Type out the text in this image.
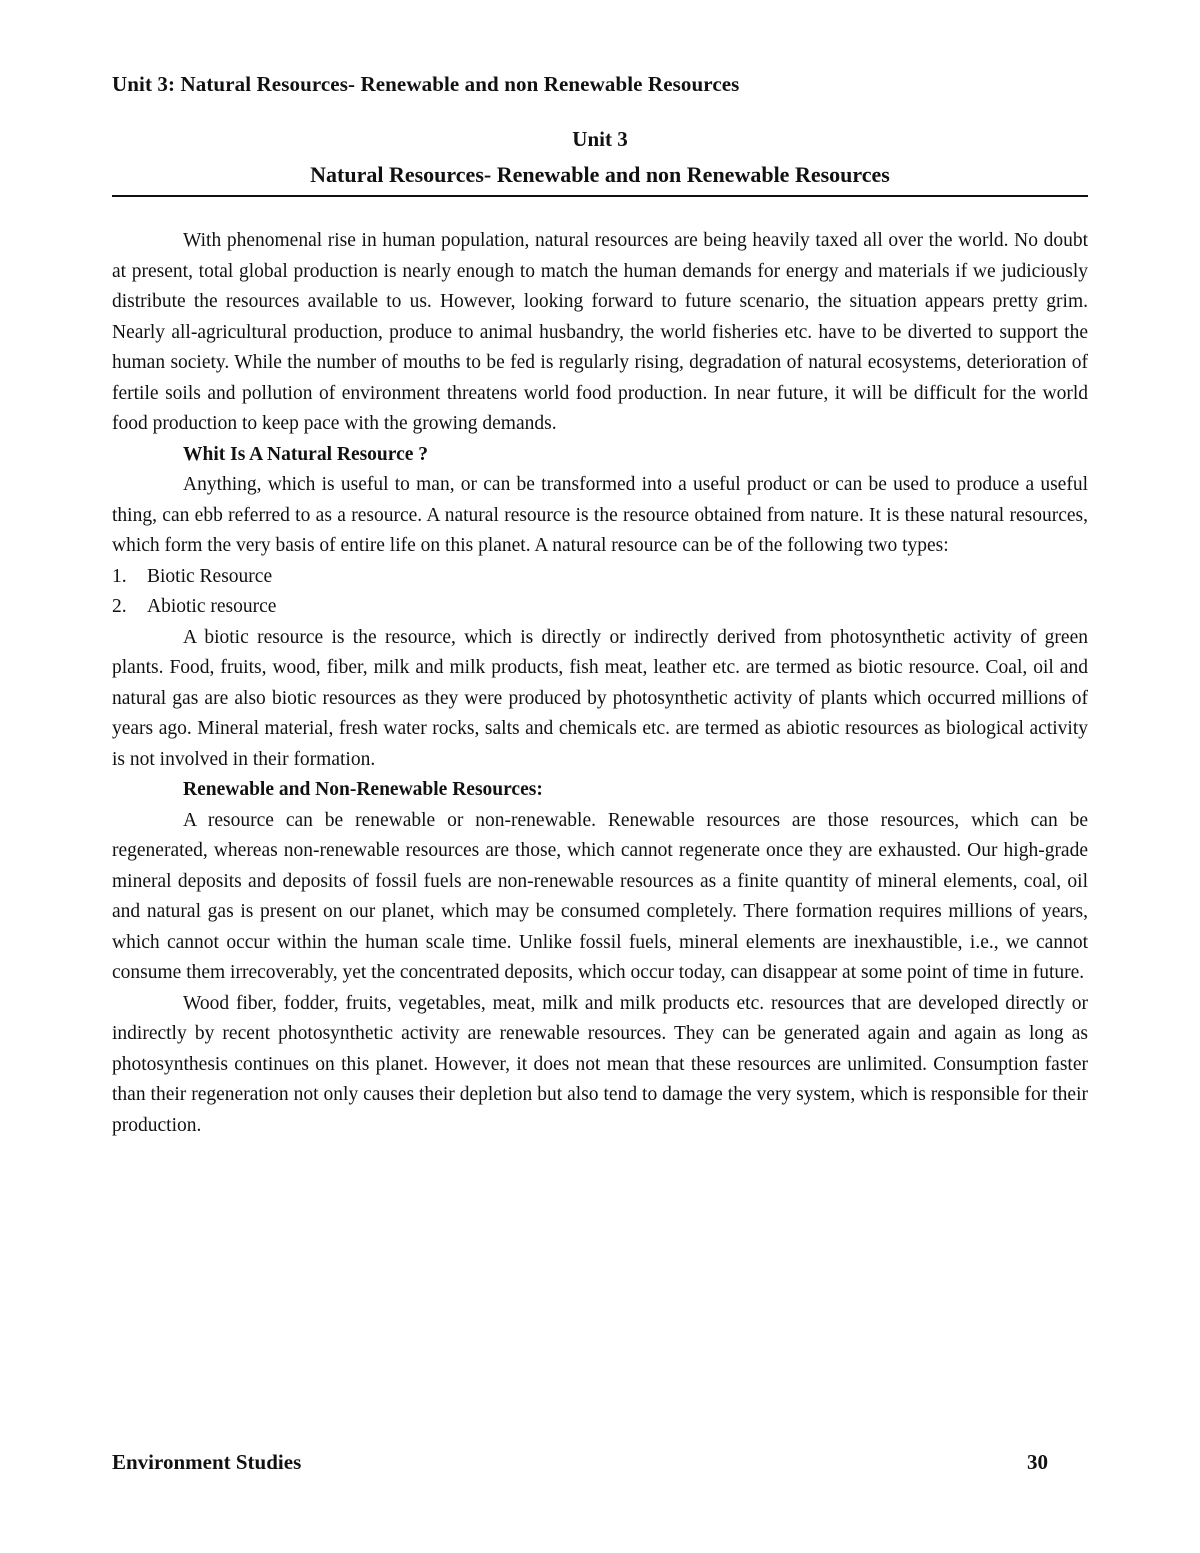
Unit 3: Natural Resources- Renewable and non Renewable Resources
Unit 3
Natural Resources- Renewable and non Renewable Resources

With phenomenal rise in human population, natural resources are being heavily taxed all over the world. No doubt at present, total global production is nearly enough to match the human demands for energy and materials if we judiciously distribute the resources available to us. However, looking forward to future scenario, the situation appears pretty grim. Nearly all-agricultural production, produce to animal husbandry, the world fisheries etc. have to be diverted to support the human society. While the number of mouths to be fed is regularly rising, degradation of natural ecosystems, deterioration of fertile soils and pollution of environment threatens world food production. In near future, it will be difficult for the world food production to keep pace with the growing demands.

Whit Is A Natural Resource ?

Anything, which is useful to man, or can be transformed into a useful product or can be used to produce a useful thing, can ebb referred to as a resource. A natural resource is the resource obtained from nature. It is these natural resources, which form the very basis of entire life on this planet. A natural resource can be of the following two types:

1. Biotic Resource
2. Abiotic resource

A biotic resource is the resource, which is directly or indirectly derived from photosynthetic activity of green plants. Food, fruits, wood, fiber, milk and milk products, fish meat, leather etc. are termed as biotic resource. Coal, oil and natural gas are also biotic resources as they were produced by photosynthetic activity of plants which occurred millions of years ago. Mineral material, fresh water rocks, salts and chemicals etc. are termed as abiotic resources as biological activity is not involved in their formation.

Renewable and Non-Renewable Resources:

A resource can be renewable or non-renewable. Renewable resources are those resources, which can be regenerated, whereas non-renewable resources are those, which cannot regenerate once they are exhausted. Our high-grade mineral deposits and deposits of fossil fuels are non-renewable resources as a finite quantity of mineral elements, coal, oil and natural gas is present on our planet, which may be consumed completely. There formation requires millions of years, which cannot occur within the human scale time. Unlike fossil fuels, mineral elements are inexhaustible, i.e., we cannot consume them irrecoverably, yet the concentrated deposits, which occur today, can disappear at some point of time in future.

Wood fiber, fodder, fruits, vegetables, meat, milk and milk products etc. resources that are developed directly or indirectly by recent photosynthetic activity are renewable resources. They can be generated again and again as long as photosynthesis continues on this planet. However, it does not mean that these resources are unlimited. Consumption faster than their regeneration not only causes their depletion but also tend to damage the very system, which is responsible for their production.

Environment Studies	30
